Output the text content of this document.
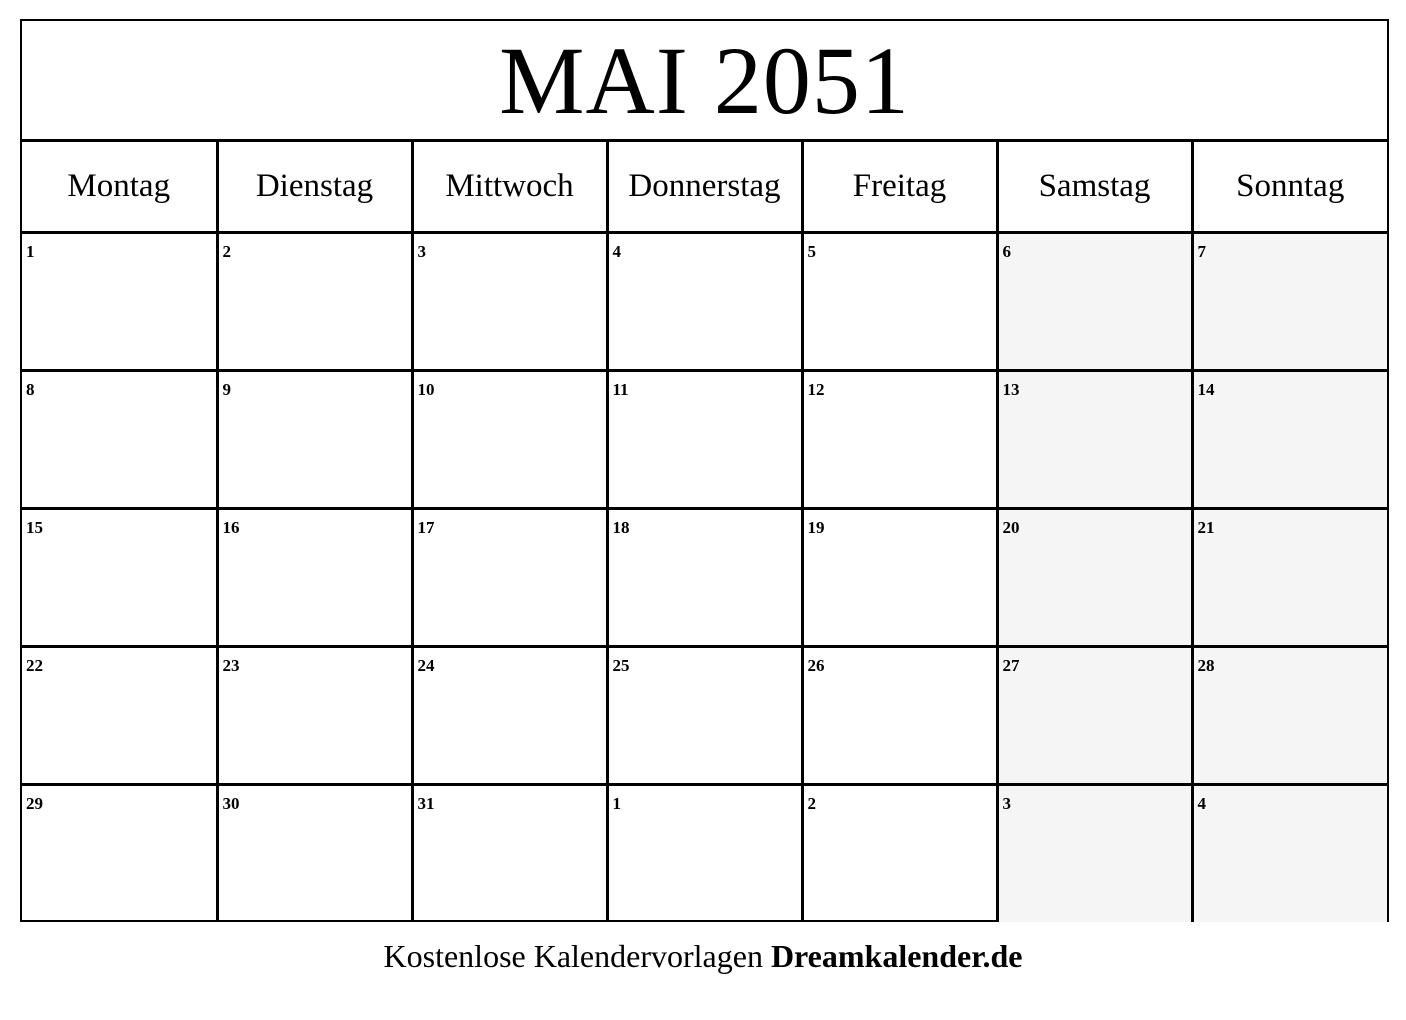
MAI 2051
Montag	Dienstag	Mittwoch	Donnerstag	Freitag	Samstag	Sonntag

1	2	3	4	5	6	7

8	9	10	11	12	13	14

15	16	17	18	19	20	21

22	23	24	25	26	27	28

29	30	31	1	2	3	4
Kostenlose Kalendervorlagen Dreamkalender.de
